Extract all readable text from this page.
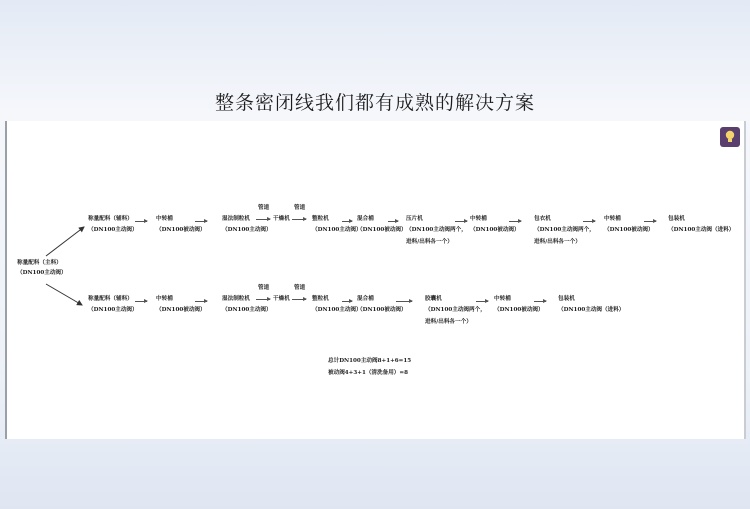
整条密闭线我们都有成熟的解决方案
称量配料（主料）
（DN100主动阀）
称量配料（辅料）
（DN100主动阀）
中转桶
（DN100被动阀）
湿法制粒机
（DN100主动阀）
管道
干燥机
管道
整粒机
（DN100主动阀）
混合桶
（DN100被动阀）
压片机
（DN100主动阀两个，
进料/出料各一个）
中转桶
（DN100被动阀）
包衣机
（DN100主动阀两个，
进料/出料各一个）
中转桶
（DN100被动阀）
包装机
（DN100主动阀（进料）
称量配料（辅料）
（DN100主动阀）
中转桶
（DN100被动阀）
湿法制粒机
（DN100主动阀）
管道
干燥机
管道
整粒机
（DN100主动阀）
混合桶
（DN100被动阀）
胶囊机
（DN100主动阀两个，
进料/出料各一个）
中转桶
（DN100被动阀）
包装机
（DN100主动阀（进料）
总计DN100主动阀8+1+6=15
被动阀4+3+1（清洗备用）=8
